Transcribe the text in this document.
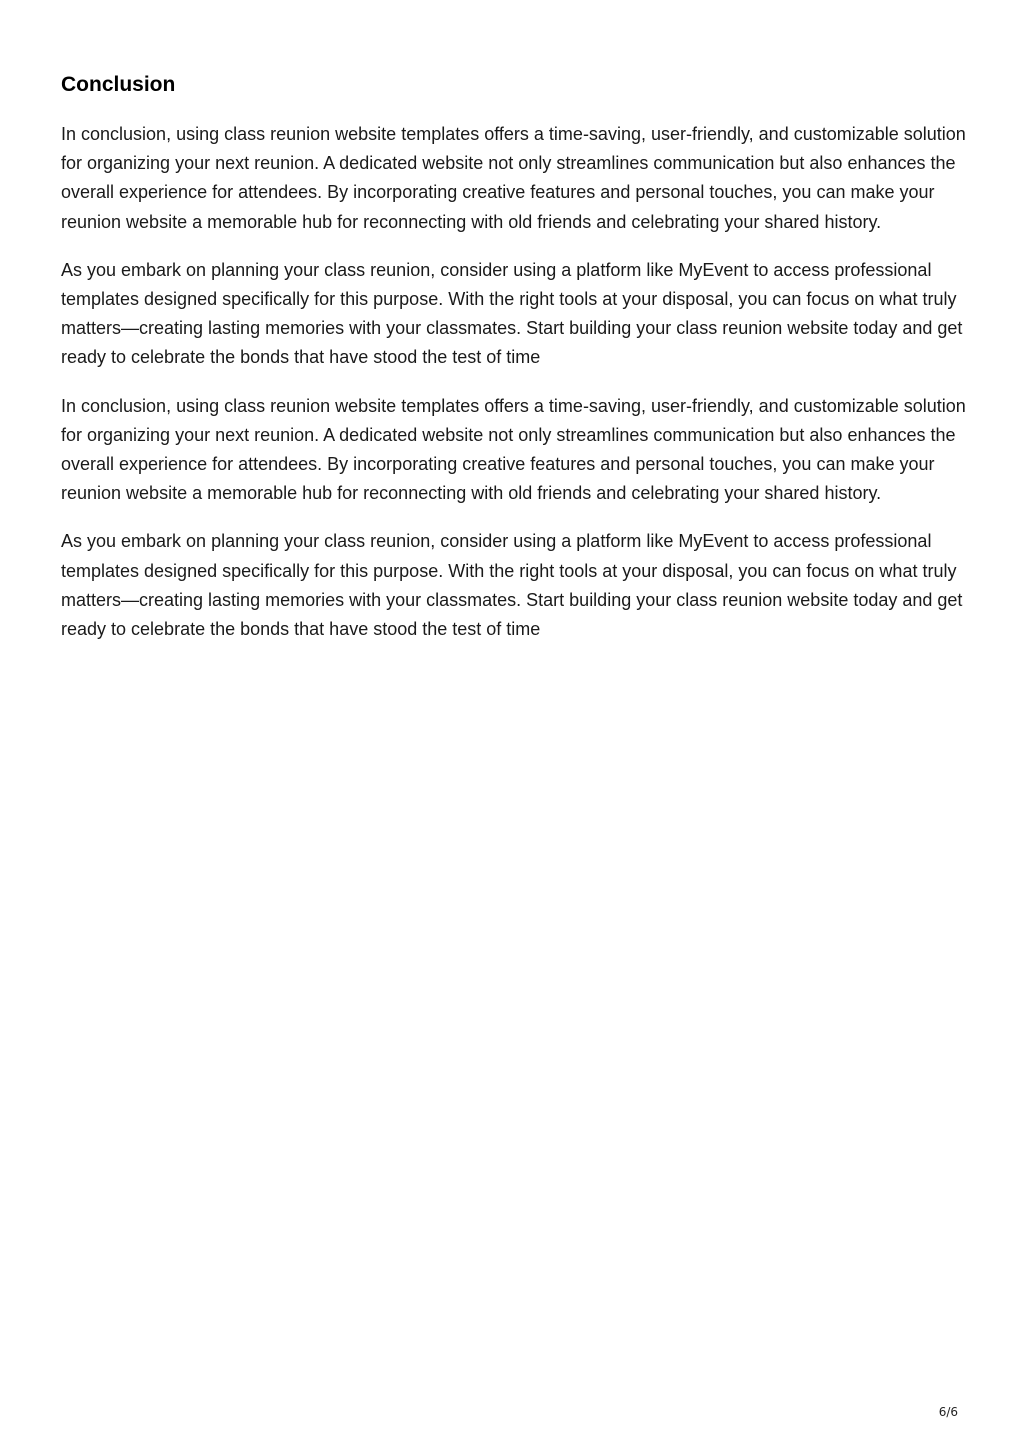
Conclusion

In conclusion, using class reunion website templates offers a time-saving, user-friendly, and customizable solution for organizing your next reunion. A dedicated website not only streamlines communication but also enhances the overall experience for attendees. By incorporating creative features and personal touches, you can make your reunion website a memorable hub for reconnecting with old friends and celebrating your shared history.

As you embark on planning your class reunion, consider using a platform like MyEvent to access professional templates designed specifically for this purpose. With the right tools at your disposal, you can focus on what truly matters—creating lasting memories with your classmates. Start building your class reunion website today and get ready to celebrate the bonds that have stood the test of time

In conclusion, using class reunion website templates offers a time-saving, user-friendly, and customizable solution for organizing your next reunion. A dedicated website not only streamlines communication but also enhances the overall experience for attendees. By incorporating creative features and personal touches, you can make your reunion website a memorable hub for reconnecting with old friends and celebrating your shared history.

As you embark on planning your class reunion, consider using a platform like MyEvent to access professional templates designed specifically for this purpose. With the right tools at your disposal, you can focus on what truly matters—creating lasting memories with your classmates. Start building your class reunion website today and get ready to celebrate the bonds that have stood the test of time

6/6
